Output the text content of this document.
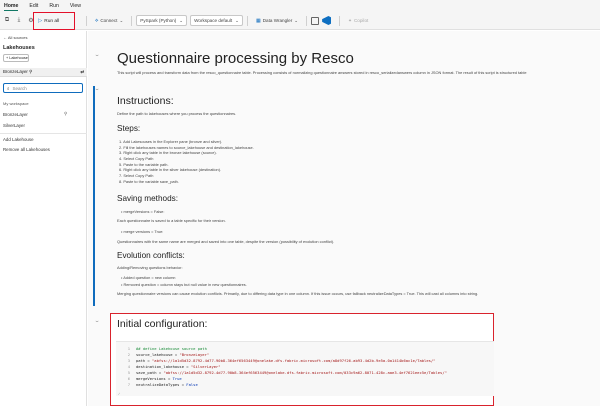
Home Edit Run View
⧉	⤓	⚙	⟡ Connect ⌄	PySpark (Python) ⌄ Workspace default ⌄	▦ Data Wrangler ⌄	✦ Copilot
▷ Run all
← All sources
Lakehouses
+ Lakehouse
BronzeLayer ⚲	⇄
⌕ Search
My workspace
BronzeLayer	⚲
SilverLayer
Add Lakehouse
Remove all Lakehouses
⌄
⌄
Questionnaire processing by Resco
This script will process and transform data from the resco_questionnaire table. Processing consists of normalizing questionnaire answers stored in resco_serializedanswers column in JSON format. The result of this script is structured table
Instructions:
Define the path to lakehouses where you process the questionnaires.
Steps:
1. Add Lakesouses in the Explorer pane (bronze and silver).
2. Fill the lakehouses names to source_lakehouse and destination_lakehouse.
3. Right click any table in the bronze lakehouse (source).
4. Select Copy Path
5. Paste to the variable path.
6. Right click any table in the silver lakehouse (destination).
7. Select Copy Path
8. Paste to the variable save_path.
Saving methods:
• mergeVersions = False:
Each questionnaire is saved to a table specific for their version.
• merge versions = True:
Questionnaires with the same name are merged and saved into one table, despite the version (possibility of evolution conflict).
Evolution conflicts:
Adding/Removing questions behavior:
• Added question = new column
• Removed question = column stays but null value in new questionnaires.
Merging questionnaire versions can cause evolution conflicts. Primarily, due to differing data type in one column. If this issue occurs, use fallback neutralizeDataTypes = True. This will cast all columns into string.
⌄ Initial configuration:
1 ## define Lakehouse source path
2 source_lakehouse = "BronzeLayer"
3 path = "abfss://1a1d5d32-8792-4d77-90b8-364ef6563449@onelake.dfs.fabric.microsoft.com/a8d97f26-ab93-4d2b-9e5a-0a1414b6ac1e/Tables/"
4 destination_lakehouse = "SilverLayer"
5 save_path = "abfss://1a1d5d32-8792-4d77-90b8-364ef6563449@onelake.dfs.fabric.microsoft.com/033c9a62-8071-428c-aae3-4ef7621eec5e/Tables/"
6 mergeVersions = True
7 neutralizeDataTypes = False
✓
